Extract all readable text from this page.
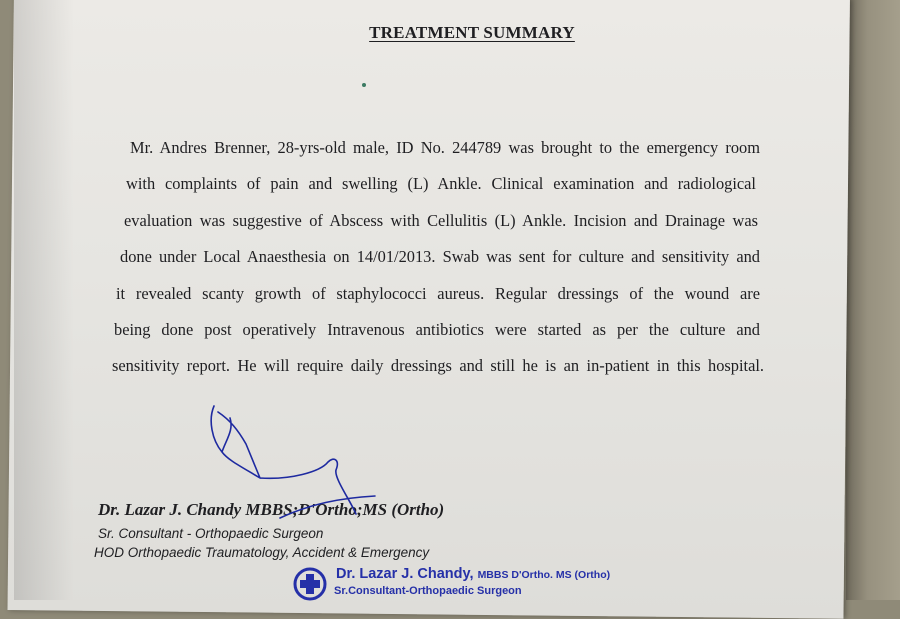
TREATMENT SUMMARY
Mr. Andres Brenner, 28-yrs-old male, ID No. 244789 was brought to the emergency room
with complaints of pain and swelling (L) Ankle. Clinical examination and radiological
evaluation was suggestive of Abscess with Cellulitis (L) Ankle. Incision and Drainage was
done under Local Anaesthesia on 14/01/2013. Swab was sent for culture and sensitivity and
it revealed scanty growth of staphylococci aureus. Regular dressings of the wound are
being done post operatively Intravenous antibiotics were started as per the culture and
sensitivity report. He will require daily dressings and still he is an in-patient in this hospital.
Dr. Lazar J. Chandy MBBS;D'Ortho;MS (Ortho)
Sr. Consultant - Orthopaedic Surgeon
HOD Orthopaedic Traumatology, Accident & Emergency
Dr. Lazar J. Chandy, MBBS D'Ortho. MS (Ortho)
Sr.Consultant-Orthopaedic Surgeon
